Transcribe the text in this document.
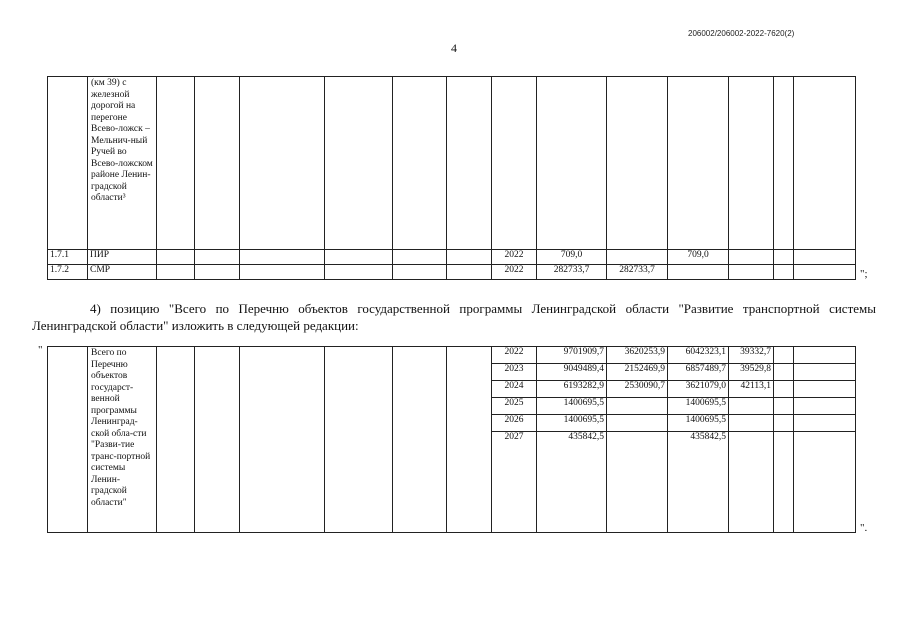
206002/206002-2022-7620(2)
4
	(км 39) с железной дорогой на перегоне Всево-ложск – Мельнич-ный Ручей во Всево-ложском районе Ленин-градской области³													
1.7.1	ПИР							2022	709,0		709,0			
1.7.2	СМР							2022	282733,7	282733,7					";
4) позицию "Всего по Перечню объектов государственной программы Ленинградской области "Развитие транспортной системы Ленинградской области" изложить в следующей редакции:
"
		Всего по Перечню объектов государст-венной программы Ленинград-ской обла-сти "Разви-тие транс-портной системы Ленин-градской области"							2022	9701909,7	3620253,9	6042323,1	39332,7		
								2023	9049489,4	2152469,9	6857489,7	39529,8		
								2024	6193282,9	2530090,7	3621079,0	42113,1		
								2025	1400695,5		1400695,5			
								2026	1400695,5		1400695,5			
								2027	435842,5		435842,5			
".
